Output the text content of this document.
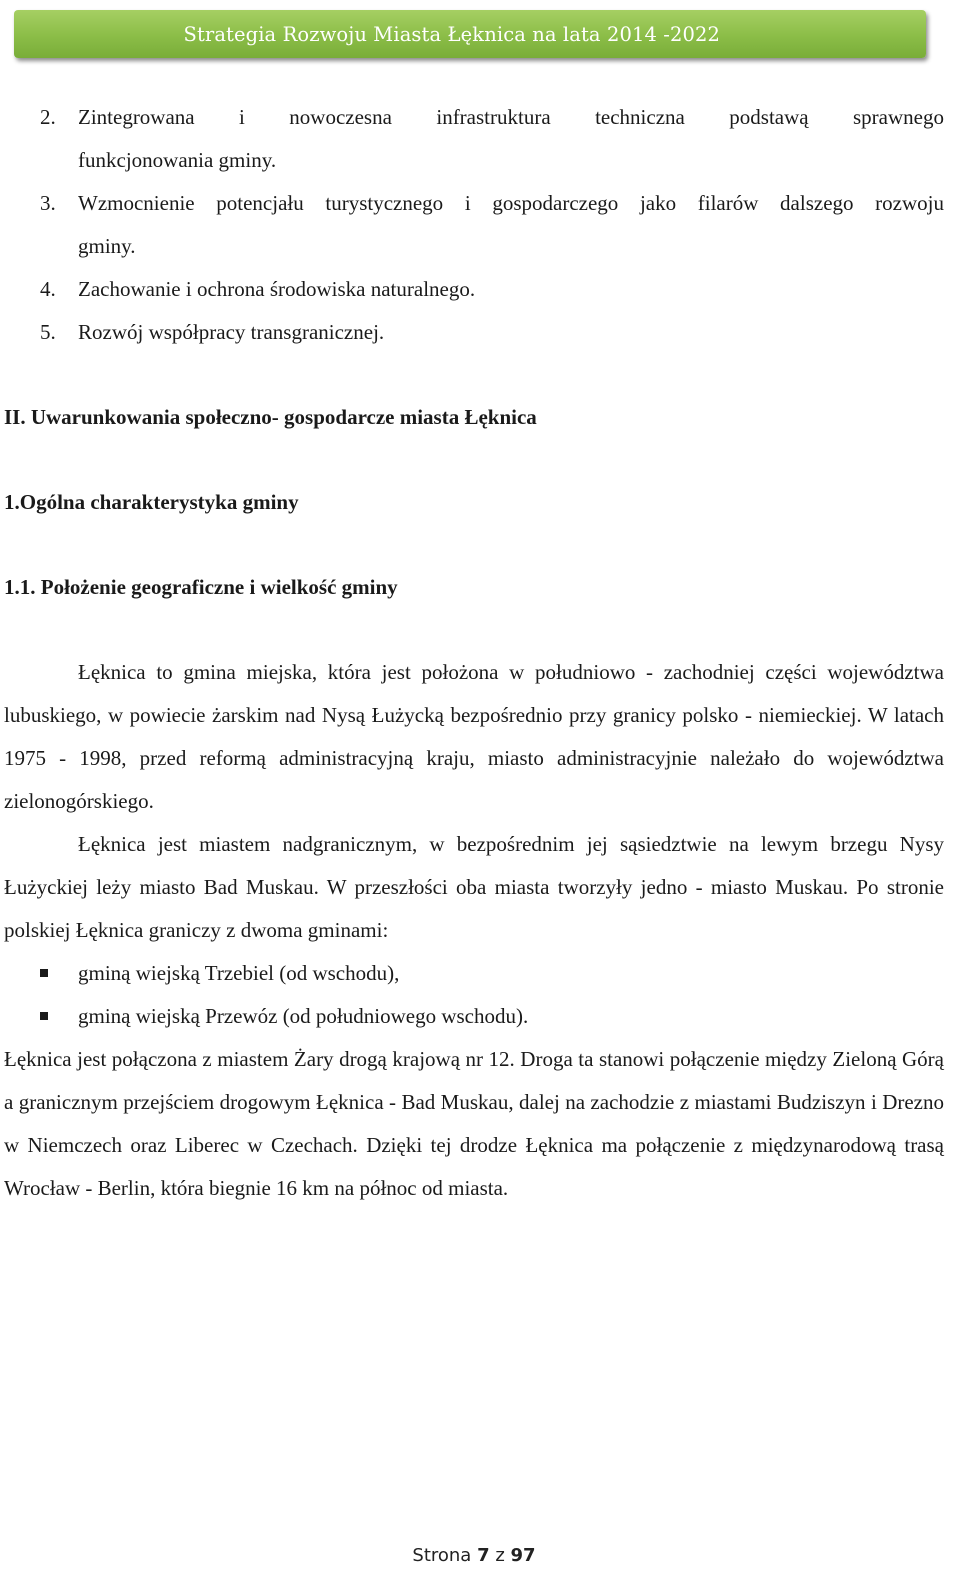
Strategia Rozwoju Miasta Łęknica na lata 2014 -2022
2.	Zintegrowana i nowoczesna infrastruktura techniczna podstawą sprawnego
funkcjonowania gminy.
3.	Wzmocnienie potencjału turystycznego i gospodarczego jako filarów dalszego rozwoju
gminy.
4.	Zachowanie i ochrona środowiska naturalnego.
5.	Rozwój współpracy transgranicznej.
II. Uwarunkowania społeczno- gospodarcze miasta Łęknica
1.Ogólna charakterystyka gminy
1.1. Położenie geograficzne i wielkość gminy
Łęknica to gmina miejska, która jest położona w południowo - zachodniej części województwa lubuskiego, w powiecie żarskim nad Nysą Łużycką bezpośrednio przy granicy polsko - niemieckiej. W latach 1975 - 1998, przed reformą administracyjną kraju, miasto administracyjnie należało do województwa zielonogórskiego.
Łęknica jest miastem nadgranicznym, w bezpośrednim jej sąsiedztwie na lewym brzegu Nysy Łużyckiej leży miasto Bad Muskau. W przeszłości oba miasta tworzyły jedno - miasto Muskau. Po stronie polskiej Łęknica graniczy z dwoma gminami:
gminą wiejską Trzebiel (od wschodu),
gminą wiejską Przewóz (od południowego wschodu).
Łęknica jest połączona z miastem Żary drogą krajową nr 12. Droga ta stanowi połączenie między Zieloną Górą a granicznym przejściem drogowym Łęknica - Bad Muskau, dalej na zachodzie z miastami Budziszyn i Drezno w Niemczech oraz Liberec w Czechach. Dzięki tej drodze Łęknica ma połączenie z międzynarodową trasą Wrocław - Berlin, która biegnie 16 km na północ od miasta.
Strona 7 z 97
